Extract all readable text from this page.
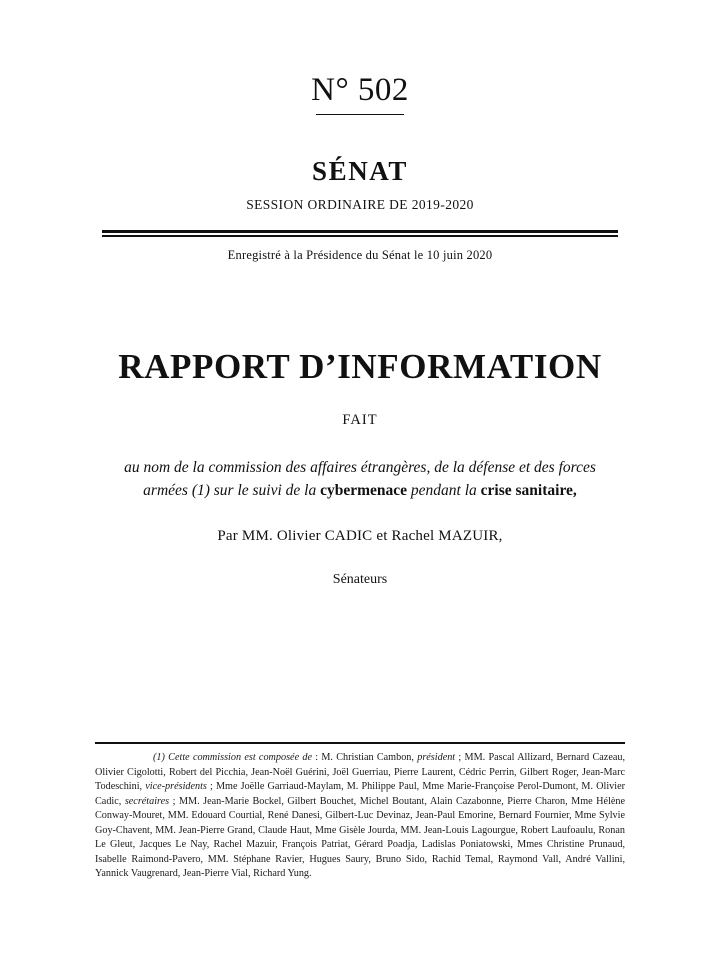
N° 502
SÉNAT
SESSION ORDINAIRE DE 2019-2020
Enregistré à la Présidence du Sénat le 10 juin 2020
RAPPORT D’INFORMATION
FAIT
au nom de la commission des affaires étrangères, de la défense et des forces armées (1) sur le suivi de la cybermenace pendant la crise sanitaire,
Par MM. Olivier CADIC et Rachel MAZUIR,
Sénateurs

(1) Cette commission est composée de : M. Christian Cambon, président ; MM. Pascal Allizard, Bernard Cazeau, Olivier Cigolotti, Robert del Picchia, Jean-Noël Guérini, Joël Guerriau, Pierre Laurent, Cédric Perrin, Gilbert Roger, Jean-Marc Todeschini, vice-présidents ; Mme Joëlle Garriaud-Maylam, M. Philippe Paul, Mme Marie-Françoise Perol-Dumont, M. Olivier Cadic, secrétaires ; MM. Jean-Marie Bockel, Gilbert Bouchet, Michel Boutant, Alain Cazabonne, Pierre Charon, Mme Hélène Conway-Mouret, MM. Edouard Courtial, René Danesi, Gilbert-Luc Devinaz, Jean-Paul Emorine, Bernard Fournier, Mme Sylvie Goy-Chavent, MM. Jean-Pierre Grand, Claude Haut, Mme Gisèle Jourda, MM. Jean-Louis Lagourgue, Robert Laufoaulu, Ronan Le Gleut, Jacques Le Nay, Rachel Mazuir, François Patriat, Gérard Poadja, Ladislas Poniatowski, Mmes Christine Prunaud, Isabelle Raimond-Pavero, MM. Stéphane Ravier, Hugues Saury, Bruno Sido, Rachid Temal, Raymond Vall, André Vallini, Yannick Vaugrenard, Jean-Pierre Vial, Richard Yung.
